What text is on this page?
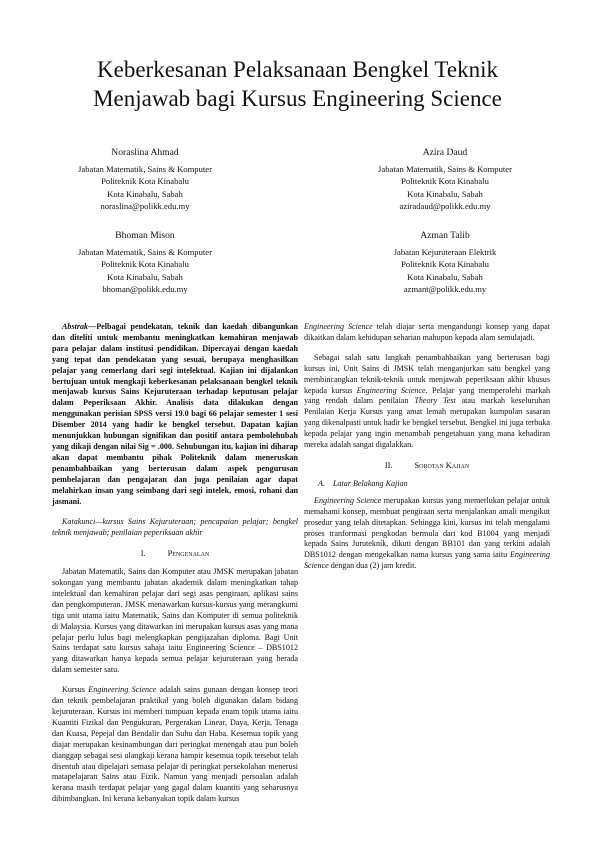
Keberkesanan Pelaksanaan Bengkel Teknik
Menjawab bagi Kursus Engineering Science
Noraslina Ahmad
Jabatan Matematik, Sains & Komputer
Politeknik Kota Kinabalu
Kota Kinabalu, Sabah
noraslina@polikk.edu.my
Azira Daud
Jabatan Matematik, Sains & Komputer
Politeknik Kota Kinabalu
Kota Kinabalu, Sabah
aziradaud@polikk.edu.my
Bhoman Mison
Jabatan Matematik, Sains & Komputer
Politeknik Kota Kinabalu
Kota Kinabalu, Sabah
bhoman@polikk.edu.my
Azman Talib
Jabatan Kejuruteraan Elektrik
Politeknik Kota Kinabalu
Kota Kinabalu, Sabah
azmant@polikk.edu.my

Abstrak—Pelbagai pendekatan, teknik dan kaedah dibangunkan dan diteliti untuk membantu meningkatkan kemahiran menjawab para pelajar dalam institusi pendidikan. Dipercayai dengan kaedah yang tepat dan pendekatan yang sesuai, berupaya menghasilkan pelajar yang cemerlang dari segi intelektual. Kajian ini dijalankan bertujuan untuk mengkaji keberkesanan pelaksanaan bengkel teknik menjawab kursus Sains Kejuruteraan terhadap keputusan pelajar dalam Peperiksaan Akhir. Analisis data dilakukan dengan menggunakan perisian SPSS versi 19.0 bagi 66 pelajar semester 1 sesi Disember 2014 yang hadir ke bengkel tersebut. Dapatan kajian menunjukkan hubungan signifikan dan positif antara pembolehubah yang dikaji dengan nilai Sig = .000. Sehubungan itu, kajian ini diharap akan dapat membantu pihak Politeknik dalam meneruskan penambahbaikan yang berterusan dalam aspek pengurusan pembelajaran dan pengajaran dan juga penilaian agar dapat melahirkan insan yang seimbang dari segi intelek, emosi, rohani dan jasmani.

Katakunci—kursus Sains Kejuruteraan; pencapaian pelajar; bengkel teknik menjawab; penilaian peperiksaan akhir

I.	Pengenalan

Jabatan Matematik, Sains dan Komputer atau JMSK merupakan jabatan sokongan yang membantu jabatan akademik dalam meningkatkan tahap intelektual dan kemahiran pelajar dari segi asas pengiraan, aplikasi sains dan pengkomputeran. JMSK menawarkan kursus-kursus yang merangkumi tiga unit utama iaitu Matematik, Sains dan Komputer di semua politeknik di Malaysia. Kursus yang ditawarkan ini merupakan kursus asas yang mana pelajar perlu lulus bagi melengkapkan pengijazahan diploma. Bagi Unit Sains terdapat satu kursus sahaja iaitu Engineering Science – DBS1012 yang ditawarkan hanya kepada semua pelajar kejuruteraan yang berada dalam semester satu.

Kursus Engineering Science adalah sains gunaan dengan konsep teori dan teknik pembelajaran praktikal yang boleh digunakan dalam bidang kejuruteraan. Kursus ini memberi tumpuan kepada enam topik utama iaitu Kuantiti Fizikal dan Pengukuran, Pergerakan Linear, Daya, Kerja, Tenaga dan Kuasa, Pepejal dan Bendalir dan Suhu dan Haba. Kesemua topik yang diajar merupakan kesinambungan dari peringkat menengah atau pun boleh dianggap sebagai sesi ulangkaji kerana hampir kesemua topik tersebut telah disentuh atau dipelajari semasa pelajar di peringkat persekolahan menerusi matapelajaran Sains atau Fizik. Namun yang menjadi persoalan adalah kerana masih terdapat pelajar yang gagal dalam kuantiti yang seharusnya dibimbangkan. Ini kerana kebanyakan topik dalam kursus

Engineering Science telah diajar serta mengandungi konsep yang dapat dikaitkan dalam kehidupan seharian mahupun kepada alam semulajadi.

Sebagai salah satu langkah penambahbaikan yang berterusan bagi kursus ini, Unit Sains di JMSK telah menganjurkan satu bengkel yang membincangkan teknik-teknik untuk menjawab peperiksaan akhir khusus kepada kursus Engineering Science. Pelajar yang memperolehi markah yang rendah dalam penilaian Theory Test atau markah keseluruhan Penilaian Kerja Kursus yang amat lemah merupakan kumpulan sasaran yang dikenalpasti untuk hadir ke bengkel tersebut. Bengkel ini juga terbuka kepada pelajar yang ingin menambah pengetahuan yang mana kehadiran mereka adalah sangat digalakkan.

II.	Sorotan Kajian
A. Latar Belakang Kajian

Engineering Science merupakan kursus yang memerlukan pelajar untuk memahami konsep, membuat pengiraan serta menjalankan amali mengikut prosedur yang telah ditetapkan. Sehingga kini, kursus ini telah mengalami proses tranformasi pengkodan bermula dari kod B1004 yang menjadi kepada Sains Jurutekník, dikuti dengan BB101 dan yang terkini adalah DBS1012 dengan mengekalkan nama kursus yang sama iaitu Engineering Science dengan dua (2) jam kredit.
